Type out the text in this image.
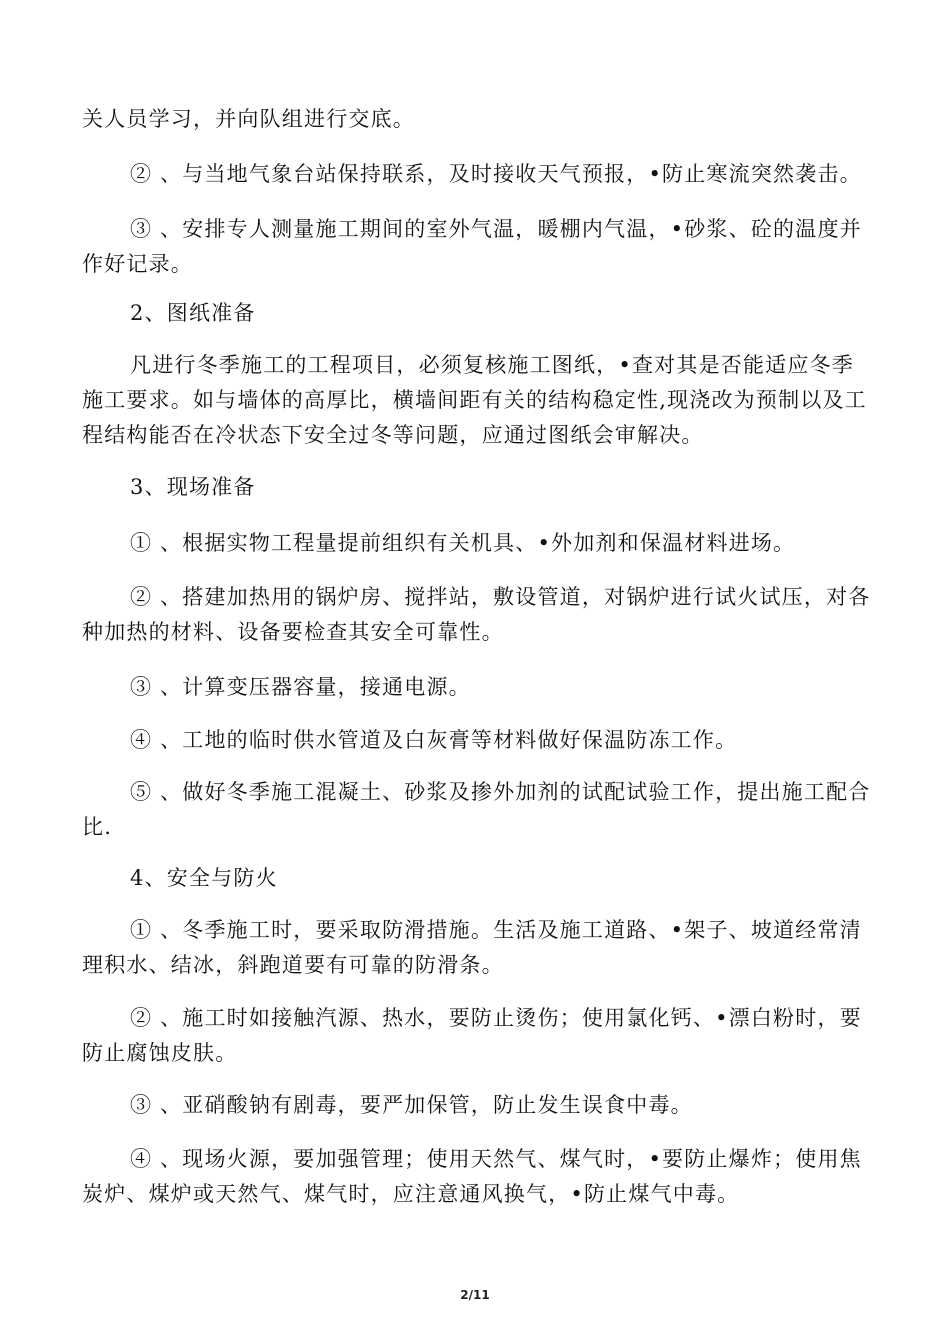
关人员学习，并向队组进行交底。

② 、与当地气象台站保持联系，及时接收天气预报，•防止寒流突然袭击。

③ 、安排专人测量施工期间的室外气温，暖棚内气温，•砂浆、砼的温度并作好记录。

2、图纸准备

凡进行冬季施工的工程项目，必须复核施工图纸，•查对其是否能适应冬季施工要求。如与墙体的高厚比，横墙间距有关的结构稳定性,现浇改为预制以及工程结构能否在冷状态下安全过冬等问题，应通过图纸会审解决。

3、现场准备

① 、根据实物工程量提前组织有关机具、•外加剂和保温材料进场。

② 、搭建加热用的锅炉房、搅拌站，敷设管道，对锅炉进行试火试压，对各种加热的材料、设备要检查其安全可靠性。

③ 、计算变压器容量，接通电源。

④ 、工地的临时供水管道及白灰膏等材料做好保温防冻工作。

⑤ 、做好冬季施工混凝土、砂浆及掺外加剂的试配试验工作，提出施工配合比.

4、安全与防火

① 、冬季施工时，要采取防滑措施。生活及施工道路、•架子、坡道经常清理积水、结冰，斜跑道要有可靠的防滑条。

② 、施工时如接触汽源、热水，要防止烫伤；使用氯化钙、•漂白粉时，要防止腐蚀皮肤。

③ 、亚硝酸钠有剧毒，要严加保管，防止发生误食中毒。

④ 、现场火源，要加强管理；使用天然气、煤气时，•要防止爆炸；使用焦炭炉、煤炉或天然气、煤气时，应注意通风换气，•防止煤气中毒。

2/11
